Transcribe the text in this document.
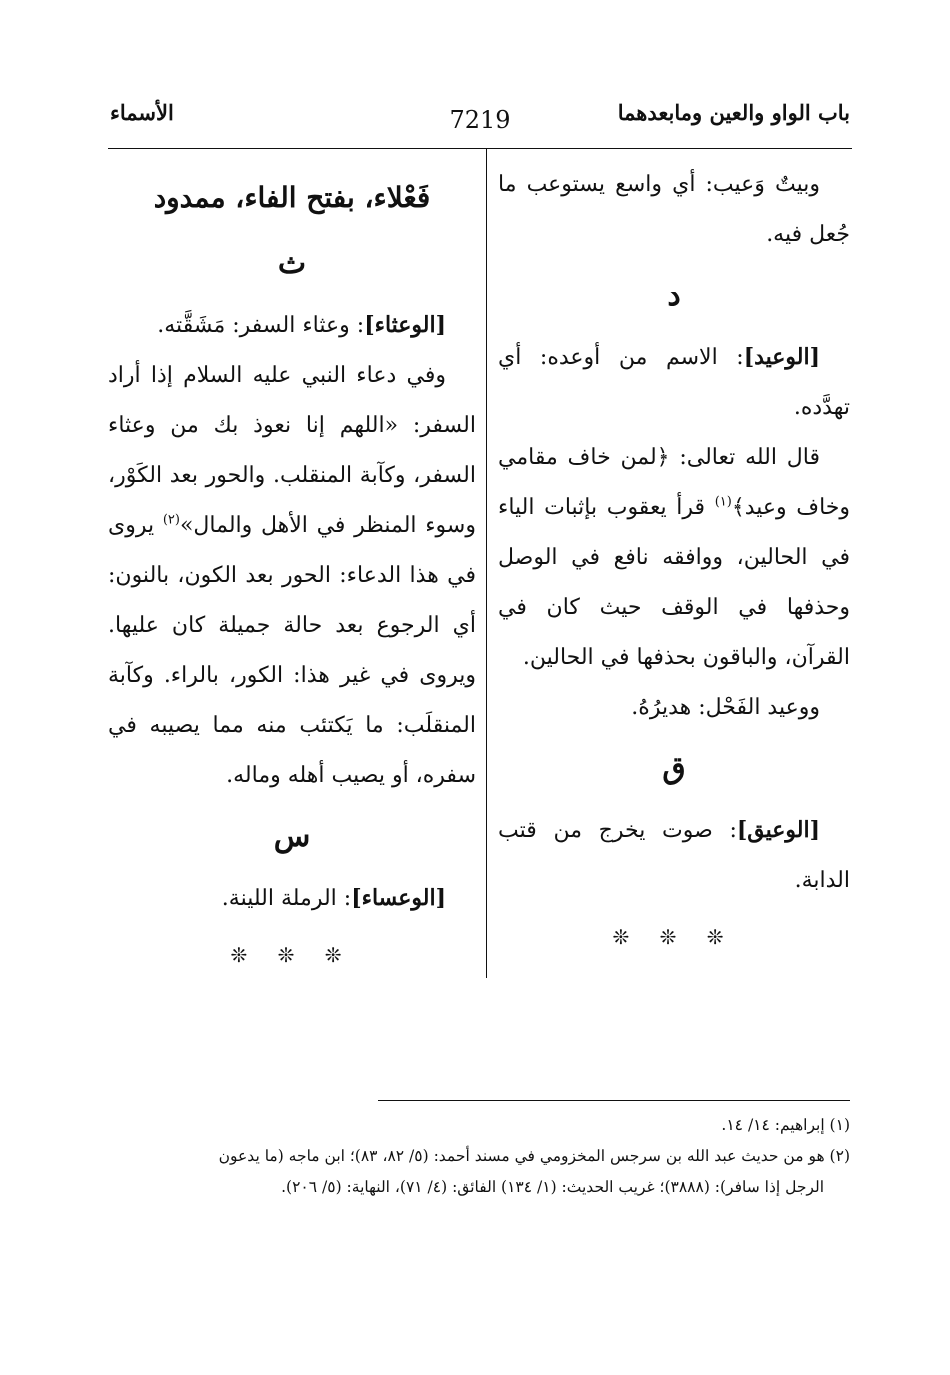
باب الواو والعين ومابعدهما
7219
الأسماء

وبيتٌ وَعيب: أي واسع يستوعب ما جُعل فيه.

د

[الوعيد]: الاسم من أوعده: أي تهدَّده.

قال الله تعالى: ﴿لمن خاف مقامي وخاف وعيد﴾$^{(١)}$ قرأ يعقوب بإثبات الياء في الحالين، ووافقه نافع في الوصل وحذفها في الوقف حيث كان في القرآن، والباقون بحذفها في الحالين.

ووعيد الفَحْل: هديرُهُ.

ق

[الوعيق]: صوت يخرج من قتب الدابة.

❊ ❊ ❊
فَعْلاء، بفتح الفاء، ممدود
ث

[الوعثاء]: وعثاء السفر: مَشَقَّته.

وفي دعاء النبي عليه السلام إذا أراد السفر: «اللهم إنا نعوذ بك من وعثاء السفر، وكآبة المنقلب. والحور بعد الكَوْر، وسوء المنظر في الأهل والمال»$^{(٢)}$ يروى في هذا الدعاء: الحور بعد الكون، بالنون: أي الرجوع بعد حالة جميلة كان عليها. ويروى في غير هذا: الكور، بالراء. وكآبة المنقلَب: ما يَكتئب منه مما يصيبه في سفره، أو يصيب أهله وماله.

س

[الوعساء]: الرملة اللينة.

❊ ❊ ❊

(١) إبراهيم: ١٤/ ١٤.

(٢) هو من حديث عبد الله بن سرجس المخزومي في مسند أحمد: (٥/ ٨٢، ٨٣)؛ ابن ماجه (ما يدعون

الرجل إذا سافر): (٣٨٨٨)؛ غريب الحديث: (١/ ١٣٤) الفائق: (٤/ ٧١)، النهاية: (٥/ ٢٠٦).
